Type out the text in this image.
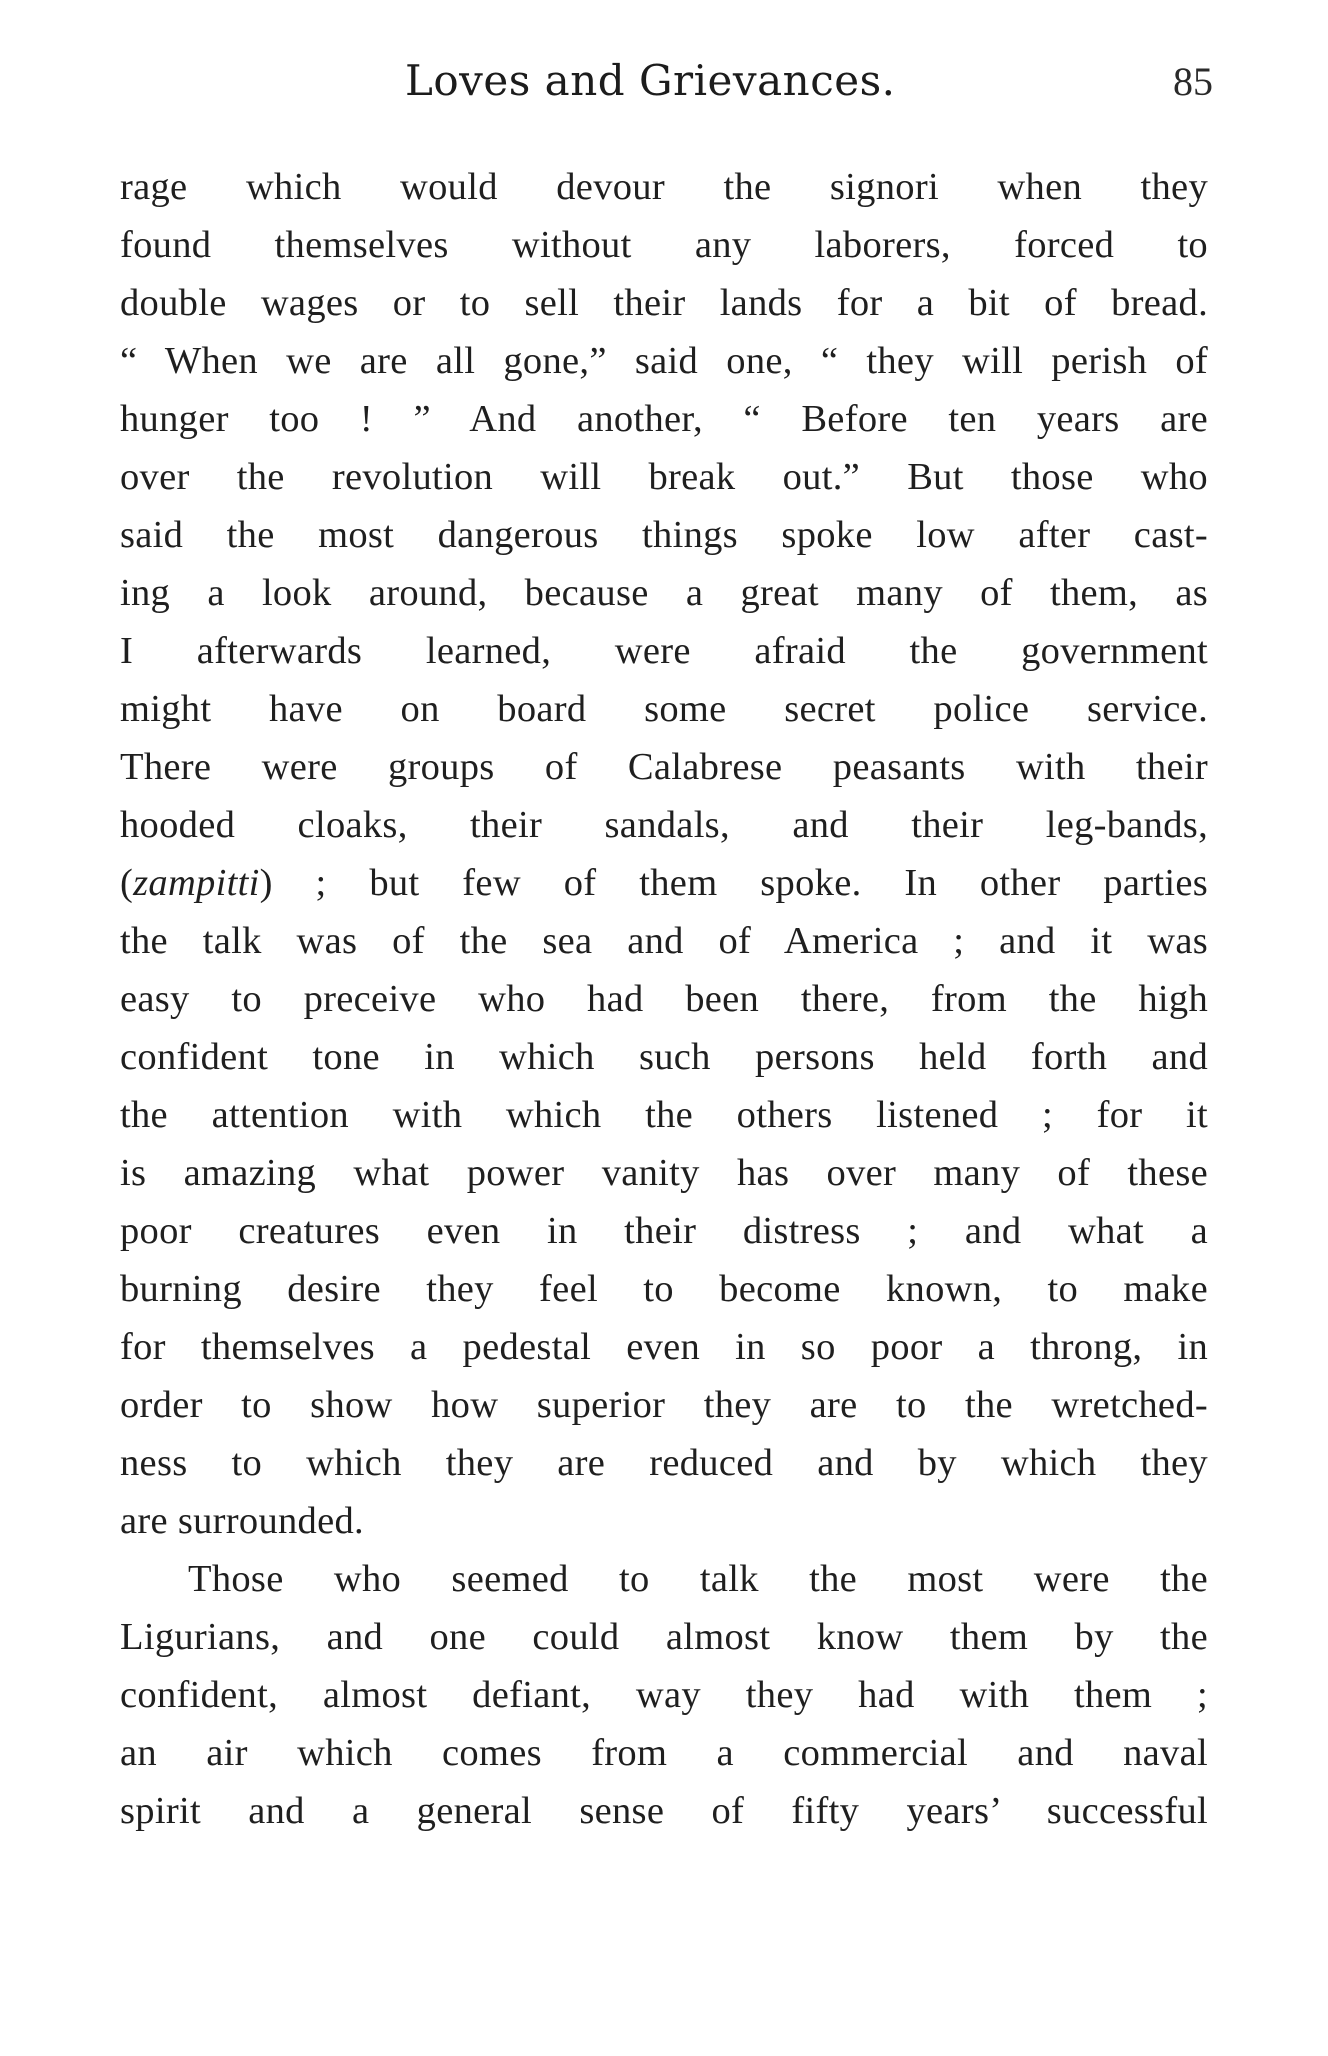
Loves and Grievances.	85
rage which would devour the signori when they
found themselves without any laborers, forced to
double wages or to sell their lands for a bit of bread.
“ When we are all gone,” said one, “ they will perish of
hunger too ! ” And another, “ Before ten years are
over the revolution will break out.” But those who
said the most dangerous things spoke low after cast-
ing a look around, because a great many of them, as
I afterwards learned, were afraid the government
might have on board some secret police service.
There were groups of Calabrese peasants with their
hooded cloaks, their sandals, and their leg-bands,
(zampitti) ; but few of them spoke. In other parties
the talk was of the sea and of America ; and it was
easy to preceive who had been there, from the high
confident tone in which such persons held forth and
the attention with which the others listened ; for it
is amazing what power vanity has over many of these
poor creatures even in their distress ; and what a
burning desire they feel to become known, to make
for themselves a pedestal even in so poor a throng, in
order to show how superior they are to the wretched-
ness to which they are reduced and by which they
are surrounded.
Those who seemed to talk the most were the
Ligurians, and one could almost know them by the
confident, almost defiant, way they had with them ;
an air which comes from a commercial and naval
spirit and a general sense of fifty years’ successful
